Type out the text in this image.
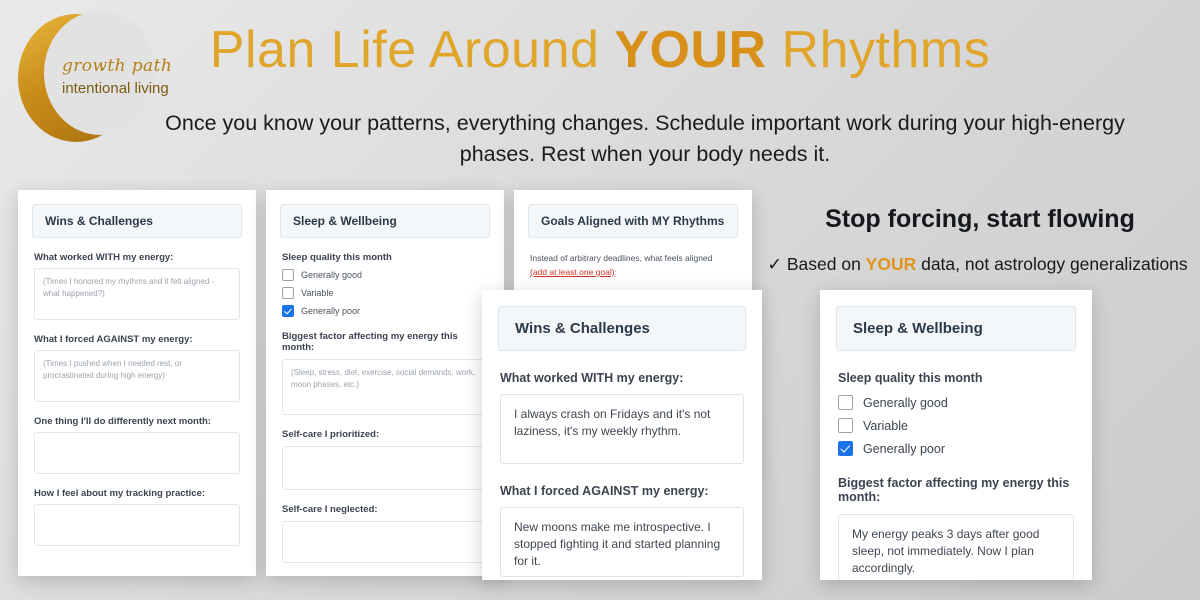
growth path
intentional living
Plan Life Around YOUR Rhythms
Once you know your patterns, everything changes. Schedule important work during your high-energy phases. Rest when your body needs it.
Wins & Challenges
What worked WITH my energy:
(Times I honored my rhythms and it felt aligned - what happened?)
What I forced AGAINST my energy:
(Times I pushed when I needed rest, or procrastinated during high energy)
One thing I'll do differently next month:
How I feel about my tracking practice:
Sleep & Wellbeing
Sleep quality this month
Generally good
Variable
Generally poor
Biggest factor affecting my energy this month:
(Sleep, stress, diet, exercise, social demands, work, moon phases, etc.)
Self-care I prioritized:
Self-care I neglected:
Goals Aligned with MY Rhythms
Instead of arbitrary deadlines, what feels aligned
(add at least one goal):
Wins & Challenges
What worked WITH my energy:
I always crash on Fridays and it's not laziness, it's my weekly rhythm.
What I forced AGAINST my energy:
New moons make me introspective. I stopped fighting it and started planning for it.
Sleep & Wellbeing
Sleep quality this month
Generally good
Variable
Generally poor
Biggest factor affecting my energy this month:
My energy peaks 3 days after good sleep, not immediately. Now I plan accordingly.
Stop forcing, start flowing
✓ Based on YOUR data, not astrology generalizations
